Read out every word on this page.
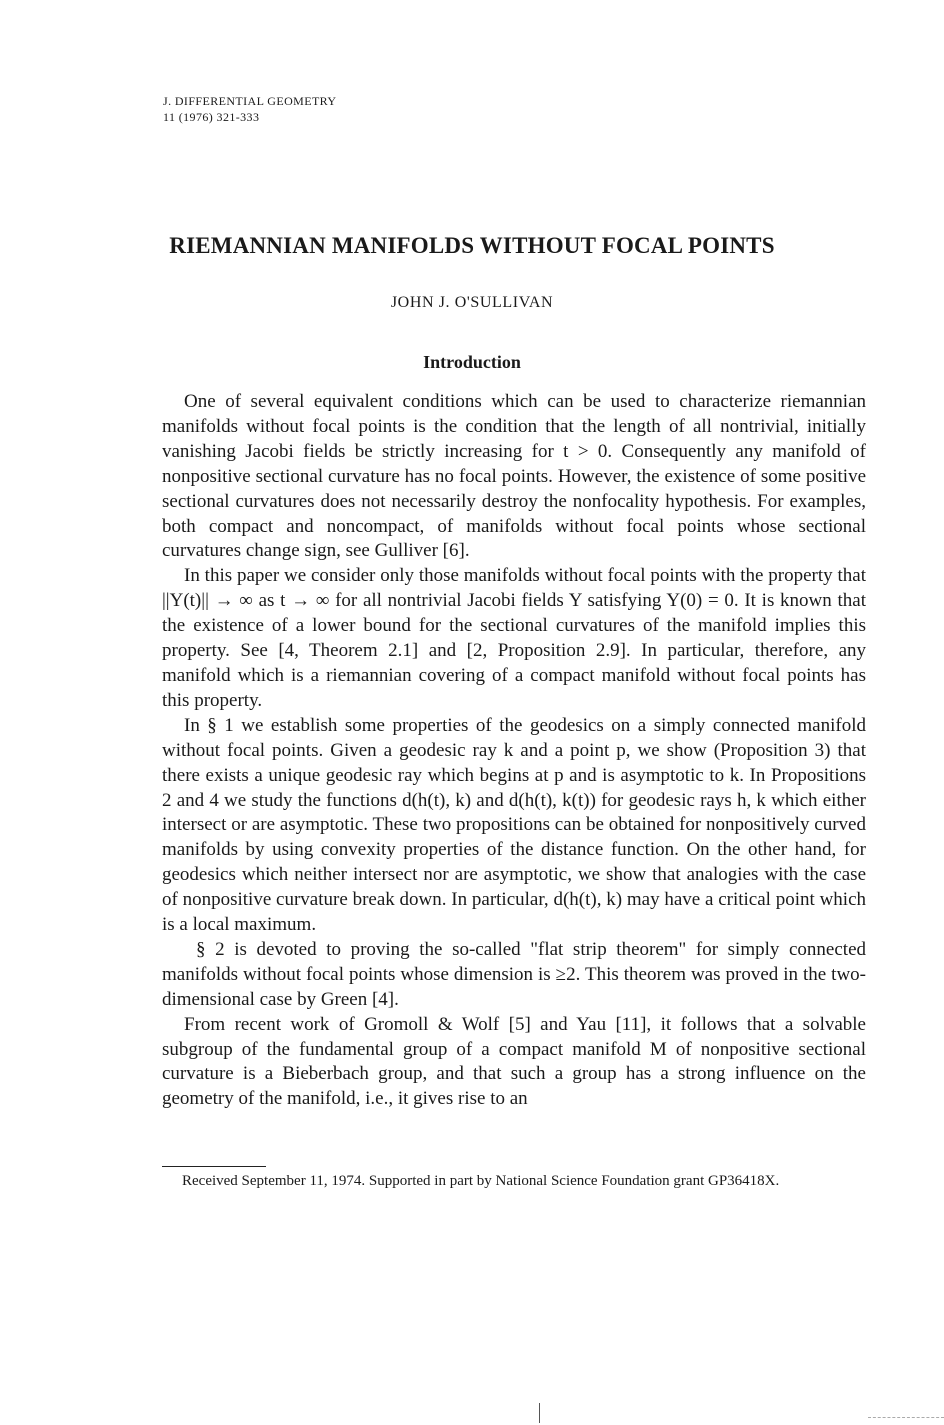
J. DIFFERENTIAL GEOMETRY
11 (1976) 321-333
RIEMANNIAN MANIFOLDS WITHOUT FOCAL POINTS
JOHN J. O'SULLIVAN
Introduction

One of several equivalent conditions which can be used to characterize riemannian manifolds without focal points is the condition that the length of all nontrivial, initially vanishing Jacobi fields be strictly increasing for t > 0. Consequently any manifold of nonpositive sectional curvature has no focal points. However, the existence of some positive sectional curvatures does not necessarily destroy the nonfocality hypothesis. For examples, both compact and noncompact, of manifolds without focal points whose sectional curvatures change sign, see Gulliver [6].

In this paper we consider only those manifolds without focal points with the property that ||Y(t)|| → ∞ as t → ∞ for all nontrivial Jacobi fields Y satisfying Y(0) = 0. It is known that the existence of a lower bound for the sectional curvatures of the manifold implies this property. See [4, Theorem 2.1] and [2, Proposition 2.9]. In particular, therefore, any manifold which is a riemannian covering of a compact manifold without focal points has this property.

In § 1 we establish some properties of the geodesics on a simply connected manifold without focal points. Given a geodesic ray k and a point p, we show (Proposition 3) that there exists a unique geodesic ray which begins at p and is asymptotic to k. In Propositions 2 and 4 we study the functions d(h(t), k) and d(h(t), k(t)) for geodesic rays h, k which either intersect or are asymptotic. These two propositions can be obtained for nonpositively curved manifolds by using convexity properties of the distance function. On the other hand, for geodesics which neither intersect nor are asymptotic, we show that analogies with the case of nonpositive curvature break down. In particular, d(h(t), k) may have a critical point which is a local maximum.

§ 2 is devoted to proving the so-called "flat strip theorem" for simply connected manifolds without focal points whose dimension is ≥2. This theorem was proved in the two-dimensional case by Green [4].

From recent work of Gromoll & Wolf [5] and Yau [11], it follows that a solvable subgroup of the fundamental group of a compact manifold M of nonpositive sectional curvature is a Bieberbach group, and that such a group has a strong influence on the geometry of the manifold, i.e., it gives rise to an

Received September 11, 1974. Supported in part by National Science Foundation grant GP36418X.
